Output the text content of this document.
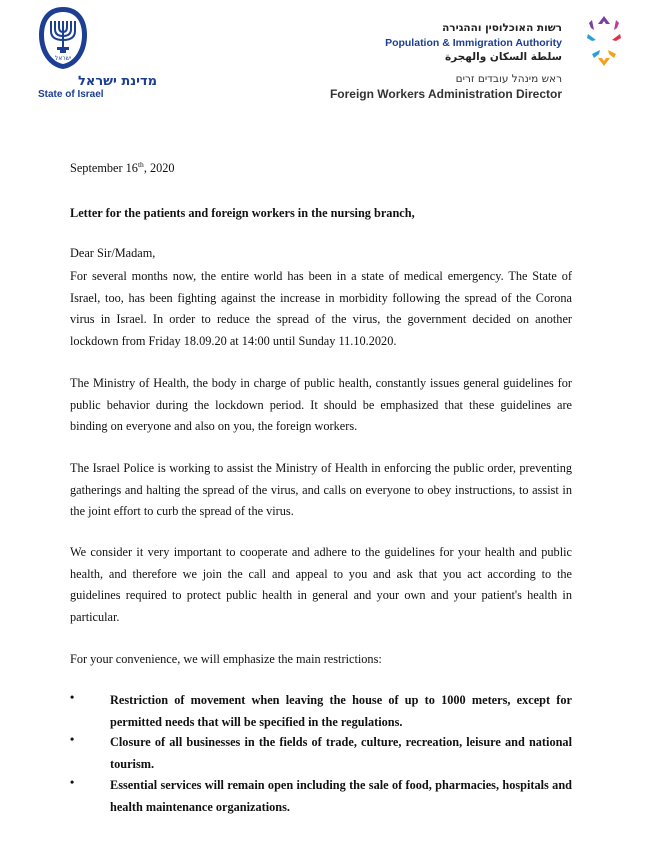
ישראל
מדינת ישראל
State of Israel
רשות האוכלוסין וההגירה
Population & Immigration Authority
سلطة السكان والهجرة
ראש מינהל עובדים זרים
Foreign Workers Administration Director
September 16th, 2020
Letter for the patients and foreign workers in the nursing branch,
Dear Sir/Madam,

For several months now, the entire world has been in a state of medical emergency. The State of Israel, too, has been fighting against the increase in morbidity following the spread of the Corona virus in Israel. In order to reduce the spread of the virus, the government decided on another lockdown from Friday 18.09.20 at 14:00 until Sunday 11.10.2020.

The Ministry of Health, the body in charge of public health, constantly issues general guidelines for public behavior during the lockdown period. It should be emphasized that these guidelines are binding on everyone and also on you, the foreign workers.

The Israel Police is working to assist the Ministry of Health in enforcing the public order, preventing gatherings and halting the spread of the virus, and calls on everyone to obey instructions, to assist in the joint effort to curb the spread of the virus.

We consider it very important to cooperate and adhere to the guidelines for your health and public health, and therefore we join the call and appeal to you and ask that you act according to the guidelines required to protect public health in general and your own and your patient's health in particular.

For your convenience, we will emphasize the main restrictions:

•	Restriction of movement when leaving the house of up to 1000 meters, except for permitted needs that will be specified in the regulations.
•	Closure of all businesses in the fields of trade, culture, recreation, leisure and national tourism.
•	Essential services will remain open including the sale of food, pharmacies, hospitals and health maintenance organizations.
